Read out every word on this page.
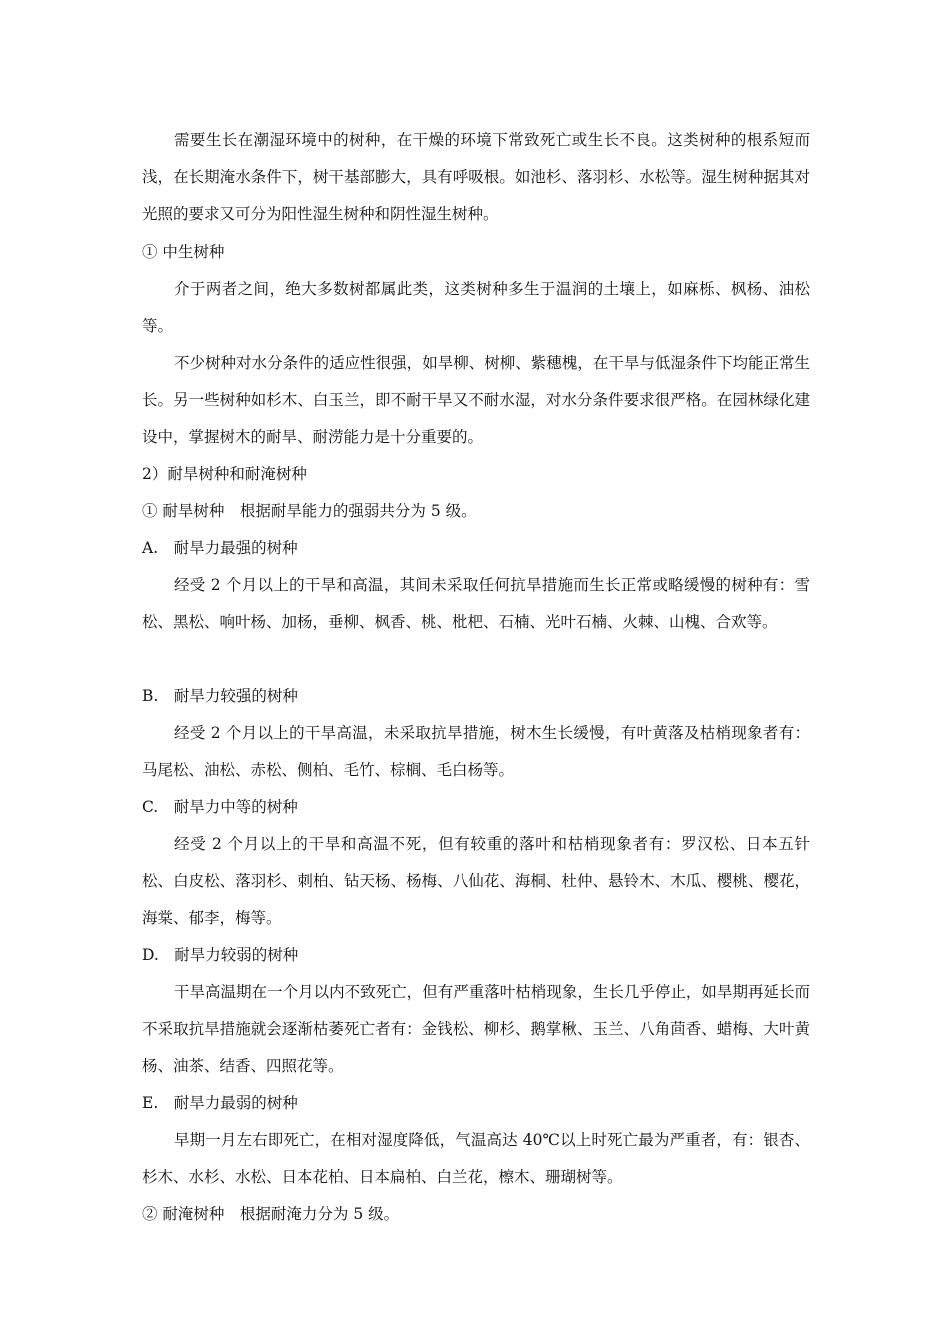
需要生长在潮湿环境中的树种，在干燥的环境下常致死亡或生长不良。这类树种的根系短而浅，在长期淹水条件下，树干基部膨大，具有呼吸根。如池杉、落羽杉、水松等。湿生树种据其对光照的要求又可分为阳性湿生树种和阴性湿生树种。
① 中生树种
介于两者之间，绝大多数树都属此类，这类树种多生于温润的土壤上，如麻栎、枫杨、油松等。
不少树种对水分条件的适应性很强，如旱柳、树柳、紫穗槐，在干旱与低湿条件下均能正常生长。另一些树种如杉木、白玉兰，即不耐干旱又不耐水湿，对水分条件要求很严格。在园林绿化建设中，掌握树木的耐旱、耐涝能力是十分重要的。
2）耐旱树种和耐淹树种
① 耐旱树种　根据耐旱能力的强弱共分为 5 级。
A.　耐旱力最强的树种
经受 2 个月以上的干旱和高温，其间未采取任何抗旱措施而生长正常或略缓慢的树种有：雪松、黑松、响叶杨、加杨，垂柳、枫香、桃、枇杷、石楠、光叶石楠、火棘、山槐、合欢等。
B.　耐旱力较强的树种
经受 2 个月以上的干旱高温，未采取抗旱措施，树木生长缓慢，有叶黄落及枯梢现象者有：马尾松、油松、赤松、侧柏、毛竹、棕榈、毛白杨等。
C.　耐旱力中等的树种
经受 2 个月以上的干旱和高温不死，但有较重的落叶和枯梢现象者有：罗汉松、日本五针松、白皮松、落羽杉、刺柏、钻天杨、杨梅、八仙花、海桐、杜仲、悬铃木、木瓜、樱桃、樱花，海棠、郁李，梅等。
D.　耐旱力较弱的树种
干旱高温期在一个月以内不致死亡，但有严重落叶枯梢现象，生长几乎停止，如旱期再延长而不采取抗旱措施就会逐渐枯萎死亡者有：金钱松、柳杉、鹅掌楸、玉兰、八角茴香、蜡梅、大叶黄杨、油茶、结香、四照花等。
E.　耐旱力最弱的树种
早期一月左右即死亡，在相对湿度降低，气温高达 40℃以上时死亡最为严重者，有：银杏、杉木、水杉、水松、日本花柏、日本扁柏、白兰花，檫木、珊瑚树等。
② 耐淹树种　根据耐淹力分为 5 级。
